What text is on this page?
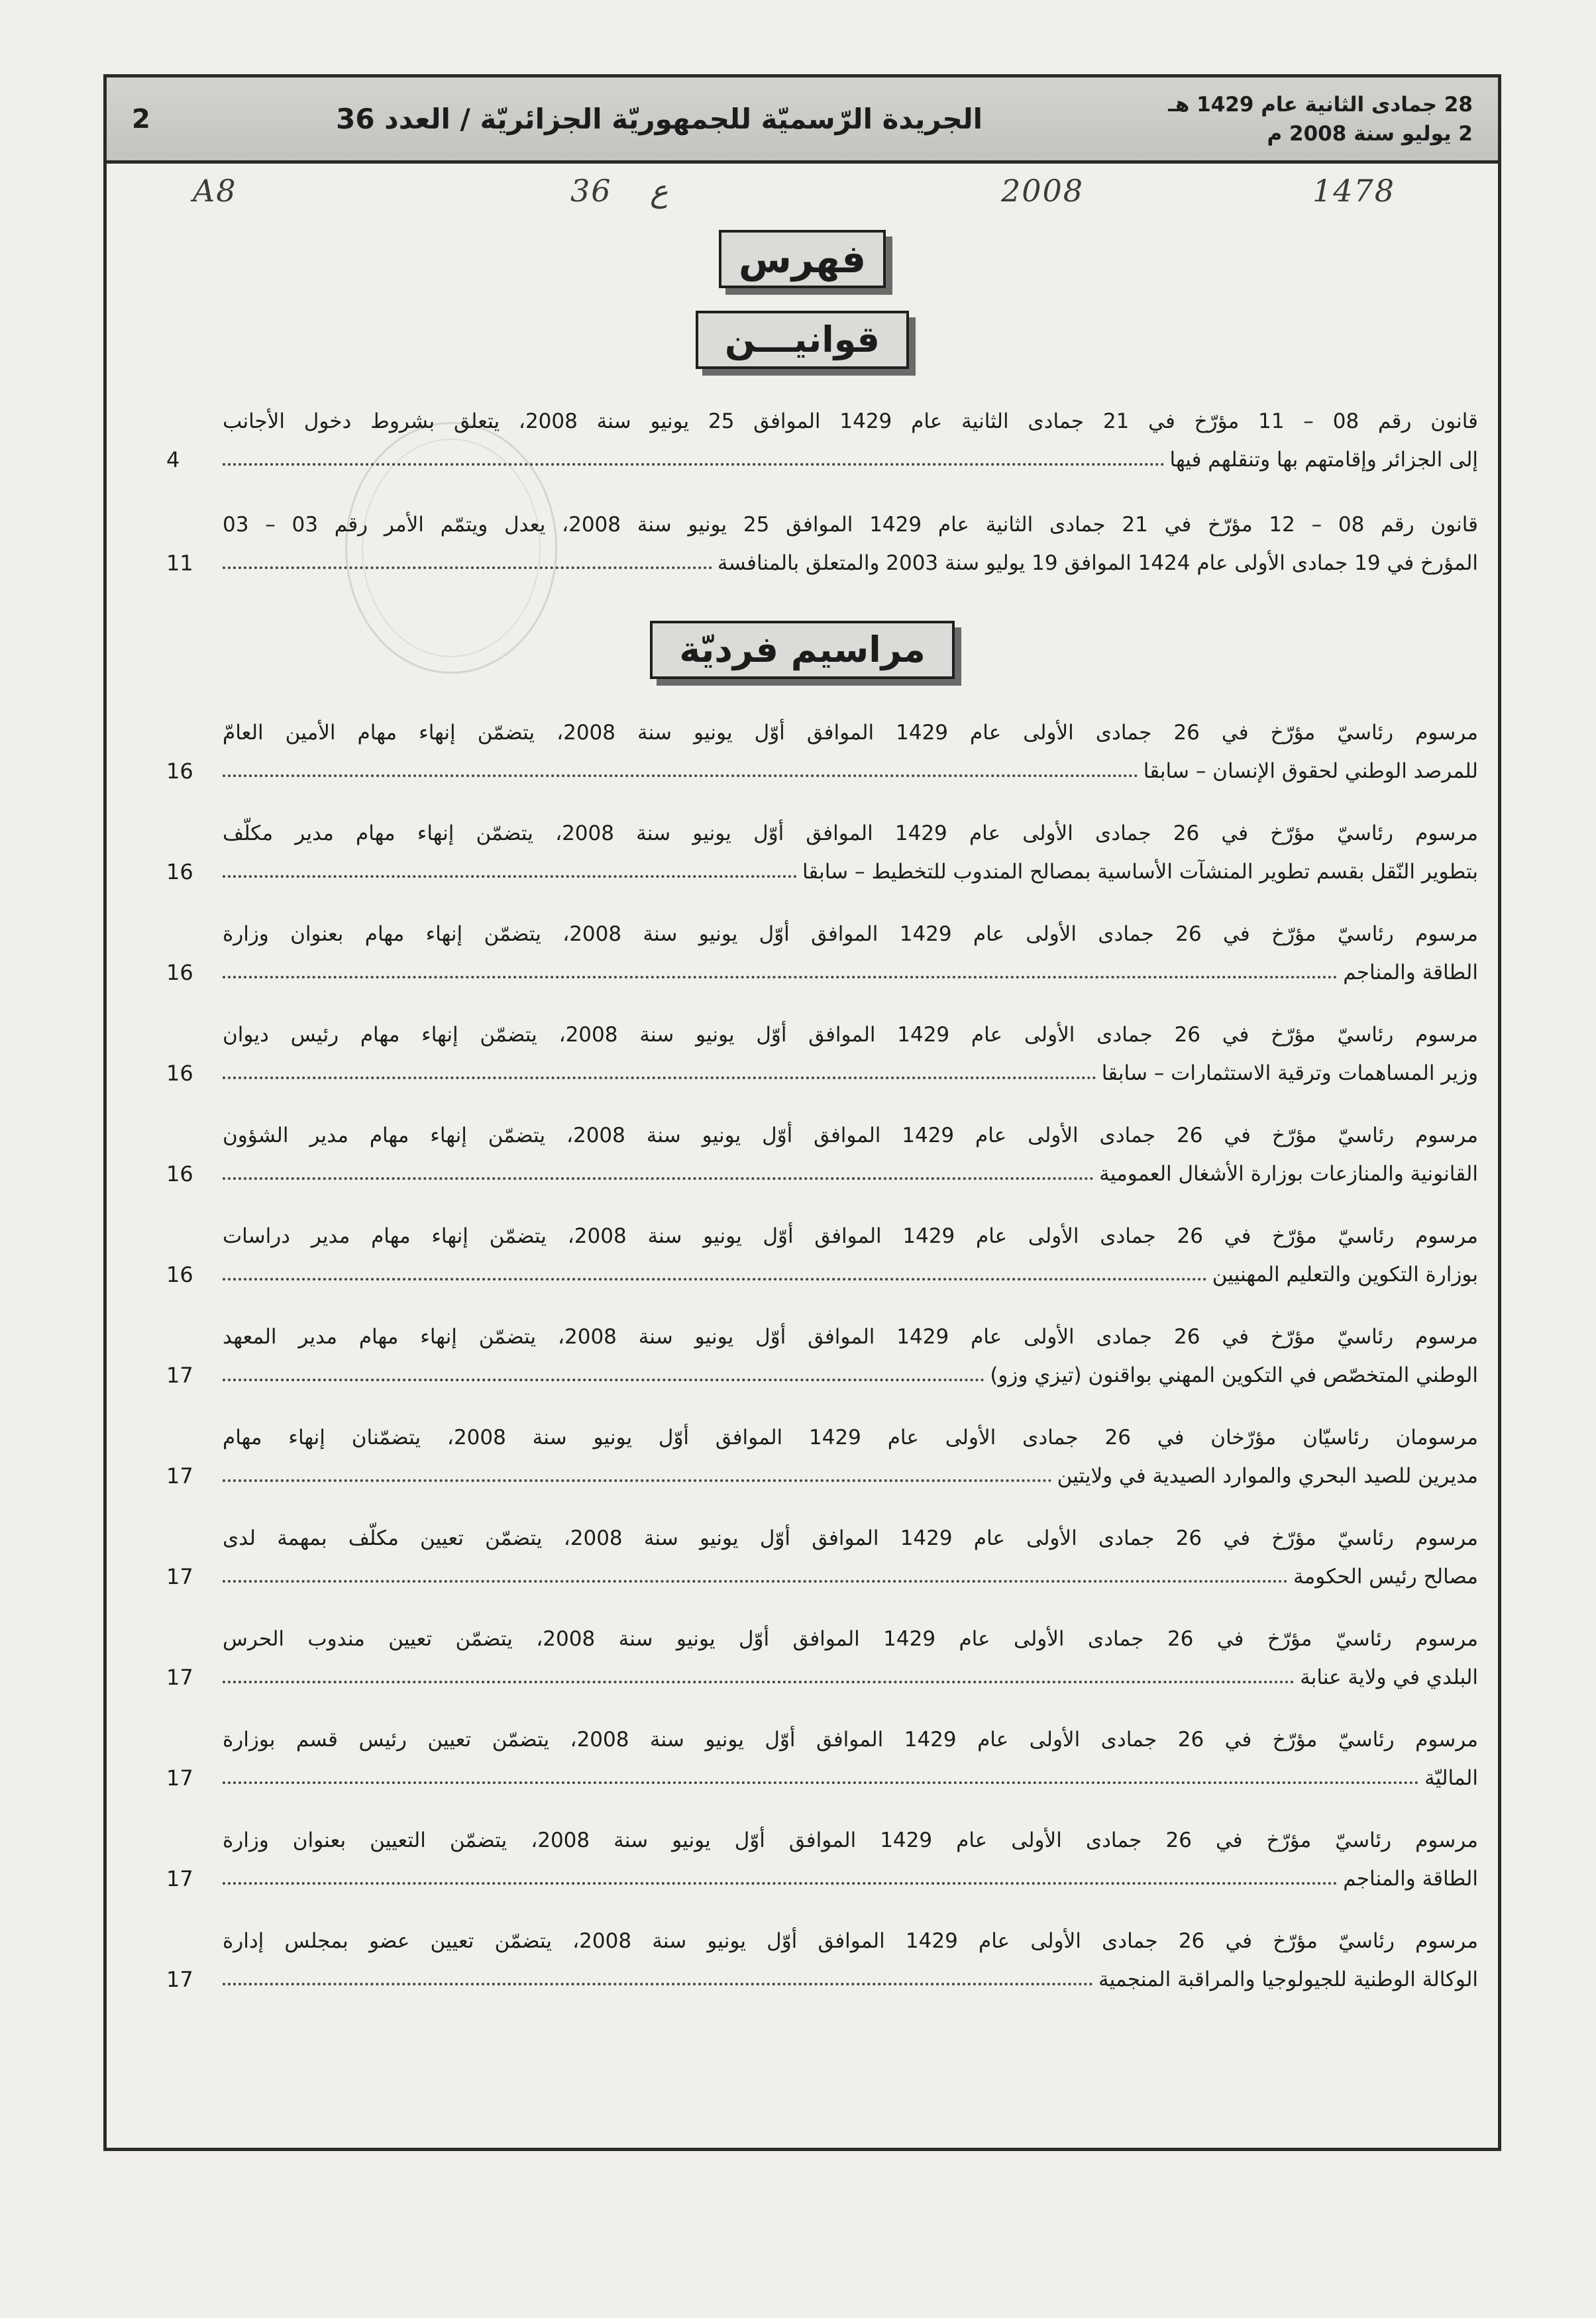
28 جمادى الثانية عام 1429 هـ
2 يوليو سنة 2008 م
الجريدة الرّسميّة للجمهوريّة الجزائريّة / العدد 36
2
A8	36 ع	2008	1478
فهرس
قوانيـــن
قانون رقم 08 – 11 مؤرّخ في 21 جمادى الثانية عام 1429 الموافق 25 يونيو سنة 2008، يتعلق بشروط دخول الأجانب
إلى الجزائر وإقامتهم بها وتنقلهم فيها
4
قانون رقم 08 – 12 مؤرّخ في 21 جمادى الثانية عام 1429 الموافق 25 يونيو سنة 2008، يعدل ويتمّم الأمر رقم 03 – 03
المؤرخ في 19 جمادى الأولى عام 1424 الموافق 19 يوليو سنة 2003 والمتعلق بالمنافسة
11
مراسيم فرديّة
مرسوم رئاسيّ مؤرّخ في 26 جمادى الأولى عام 1429 الموافق أوّل يونيو سنة 2008، يتضمّن إنهاء مهام الأمين العامّ
للمرصد الوطني لحقوق الإنسان – سابقا
16
مرسوم رئاسيّ مؤرّخ في 26 جمادى الأولى عام 1429 الموافق أوّل يونيو سنة 2008، يتضمّن إنهاء مهام مدير مكلّف
بتطوير النّقل بقسم تطوير المنشآت الأساسية بمصالح المندوب للتخطيط – سابقا
16
مرسوم رئاسيّ مؤرّخ في 26 جمادى الأولى عام 1429 الموافق أوّل يونيو سنة 2008، يتضمّن إنهاء مهام بعنوان وزارة
الطاقة والمناجم
16
مرسوم رئاسيّ مؤرّخ في 26 جمادى الأولى عام 1429 الموافق أوّل يونيو سنة 2008، يتضمّن إنهاء مهام رئيس ديوان
وزير المساهمات وترقية الاستثمارات – سابقا
16
مرسوم رئاسيّ مؤرّخ في 26 جمادى الأولى عام 1429 الموافق أوّل يونيو سنة 2008، يتضمّن إنهاء مهام مدير الشؤون
القانونية والمنازعات بوزارة الأشغال العمومية
16
مرسوم رئاسيّ مؤرّخ في 26 جمادى الأولى عام 1429 الموافق أوّل يونيو سنة 2008، يتضمّن إنهاء مهام مدير دراسات
بوزارة التكوين والتعليم المهنيين
16
مرسوم رئاسيّ مؤرّخ في 26 جمادى الأولى عام 1429 الموافق أوّل يونيو سنة 2008، يتضمّن إنهاء مهام مدير المعهد
الوطني المتخصّص في التكوين المهني بواقنون (تيزي وزو)
17
مرسومان رئاسيّان مؤرّخان في 26 جمادى الأولى عام 1429 الموافق أوّل يونيو سنة 2008، يتضمّنان إنهاء مهام
مديرين للصيد البحري والموارد الصيدية في ولايتين
17
مرسوم رئاسيّ مؤرّخ في 26 جمادى الأولى عام 1429 الموافق أوّل يونيو سنة 2008، يتضمّن تعيين مكلّف بمهمة لدى
مصالح رئيس الحكومة
17
مرسوم رئاسيّ مؤرّخ في 26 جمادى الأولى عام 1429 الموافق أوّل يونيو سنة 2008، يتضمّن تعيين مندوب الحرس
البلدي في ولاية عنابة
17
مرسوم رئاسيّ مؤرّخ في 26 جمادى الأولى عام 1429 الموافق أوّل يونيو سنة 2008، يتضمّن تعيين رئيس قسم بوزارة
الماليّة
17
مرسوم رئاسيّ مؤرّخ في 26 جمادى الأولى عام 1429 الموافق أوّل يونيو سنة 2008، يتضمّن التعيين بعنوان وزارة
الطاقة والمناجم
17
مرسوم رئاسيّ مؤرّخ في 26 جمادى الأولى عام 1429 الموافق أوّل يونيو سنة 2008، يتضمّن تعيين عضو بمجلس إدارة
الوكالة الوطنية للجيولوجيا والمراقبة المنجمية
17
